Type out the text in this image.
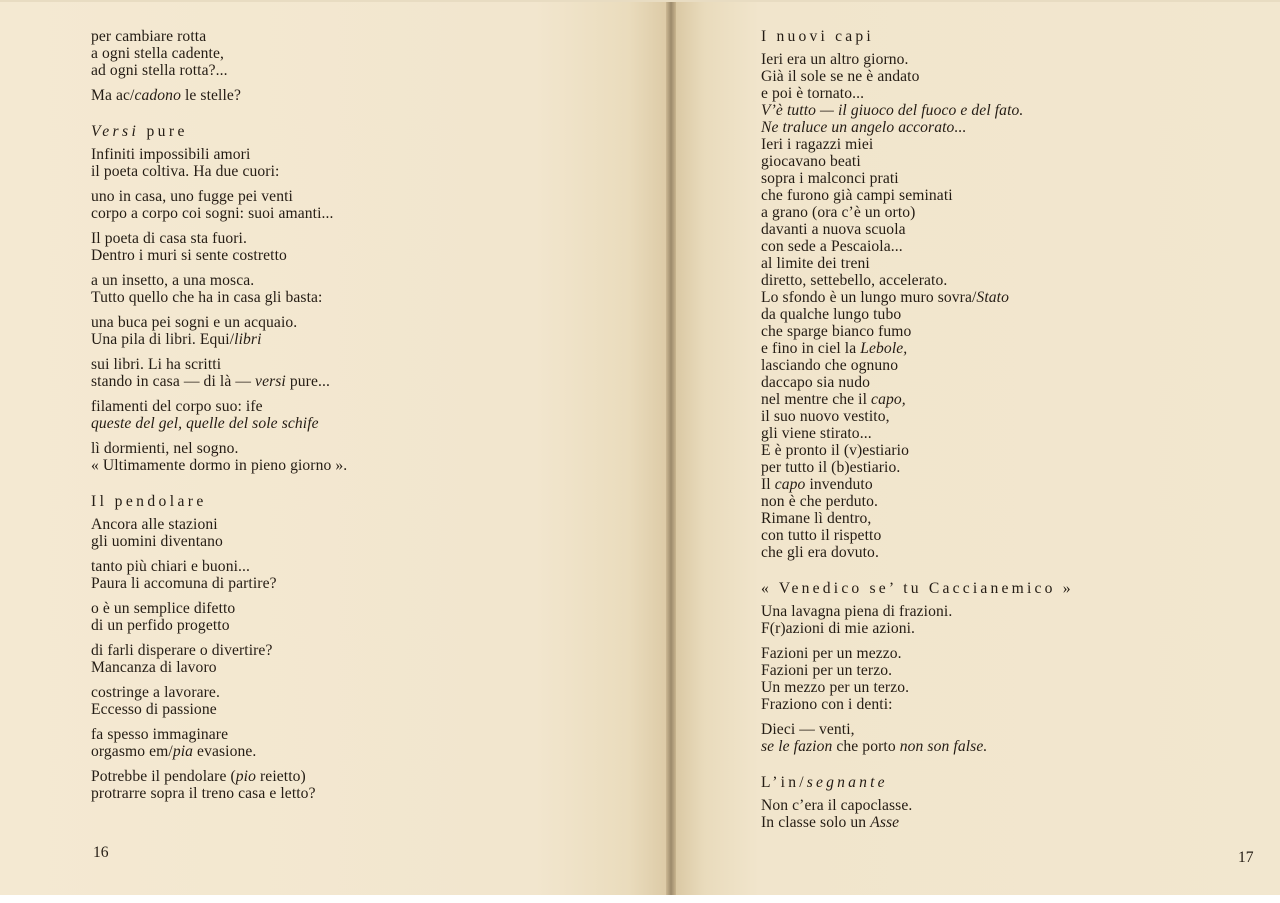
per cambiare rotta
a ogni stella cadente,
ad ogni stella rotta?...
Ma ac/cadono le stelle?
Versi pure
Infiniti impossibili amori
il poeta coltiva. Ha due cuori:
uno in casa, uno fugge pei venti
corpo a corpo coi sogni: suoi amanti...
Il poeta di casa sta fuori.
Dentro i muri si sente costretto
a un insetto, a una mosca.
Tutto quello che ha in casa gli basta:
una buca pei sogni e un acquaio.
Una pila di libri. Equi/libri
sui libri. Li ha scritti
stando in casa — di là — versi pure...
filamenti del corpo suo: ife
queste del gel, quelle del sole schife
lì dormienti, nel sogno.
« Ultimamente dormo in pieno giorno ».
Il pendolare
Ancora alle stazioni
gli uomini diventano
tanto più chiari e buoni...
Paura li accomuna di partire?
o è un semplice difetto
di un perfido progetto
di farli disperare o divertire?
Mancanza di lavoro
costringe a lavorare.
Eccesso di passione
fa spesso immaginare
orgasmo em/pia evasione.
Potrebbe il pendolare (pio reietto)
protrarre sopra il treno casa e letto?
16
I nuovi capi
Ieri era un altro giorno.
Già il sole se ne è andato
e poi è tornato...
V’è tutto — il giuoco del fuoco e del fato.
Ne traluce un angelo accorato...
Ieri i ragazzi miei
giocavano beati
sopra i malconci prati
che furono già campi seminati
a grano (ora c’è un orto)
davanti a nuova scuola
con sede a Pescaiola...
al limite dei treni
diretto, settebello, accelerato.
Lo sfondo è un lungo muro sovra/Stato
da qualche lungo tubo
che sparge bianco fumo
e fino in ciel la Lebole,
lasciando che ognuno
daccapo sia nudo
nel mentre che il capo,
il suo nuovo vestito,
gli viene stirato...
E è pronto il (v)estiario
per tutto il (b)estiario.
Il capo invenduto
non è che perduto.
Rimane lì dentro,
con tutto il rispetto
che gli era dovuto.
« Venedico se’ tu Caccianemico »
Una lavagna piena di frazioni.
F(r)azioni di mie azioni.
Fazioni per un mezzo.
Fazioni per un terzo.
Un mezzo per un terzo.
Fraziono con i denti:
Dieci — venti,
se le fazion che porto non son false.
L’in/segnante
Non c’era il capoclasse.
In classe solo un Asse
17
